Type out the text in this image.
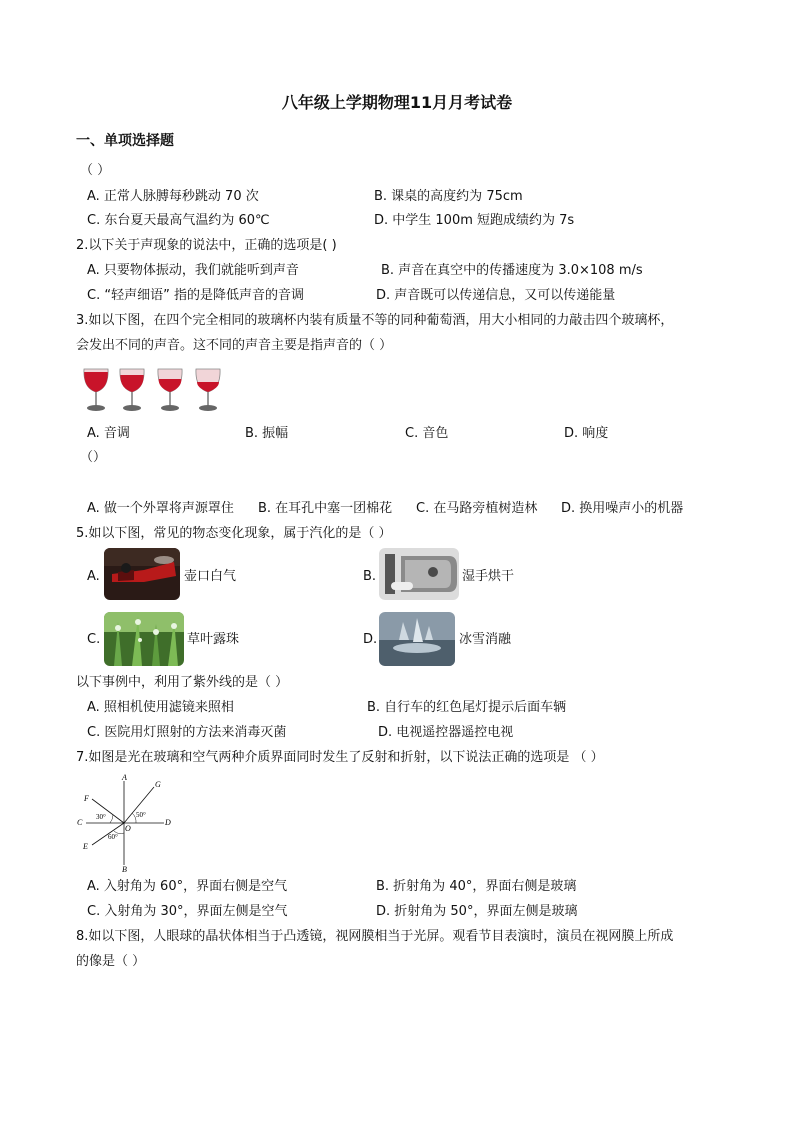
八年级上学期物理11月月考试卷
一、单项选择题
（ ）
A. 正常人脉膊每秒跳动 70 次	B. 课桌的高度约为 75cm
C. 东台夏天最高气温约为 60℃	D. 中学生 100m 短跑成绩约为 7s
2.以下关于声现象的说法中，正确的选项是( )
A. 只要物体振动，我们就能听到声音	B. 声音在真空中的传播速度为 3.0×108 m/s
C. “轻声细语” 指的是降低声音的音调	D. 声音既可以传递信息，又可以传递能量
3.如以下图，在四个完全相同的玻璃杯内装有质量不等的同种葡萄酒，用大小相同的力敲击四个玻璃杯，
会发出不同的声音。这不同的声音主要是指声音的（ ）
A. 音调	B. 振幅	C. 音色	D. 响度
（）
A. 做一个外罩将声源罩住 B. 在耳孔中塞一团棉花 C. 在马路旁植树造林 D. 换用噪声小的机器
5.如以下图，常见的物态变化现象，属于汽化的是（ ）
A.	壶口白气	B.	湿手烘干
C.	草叶露珠	D.	冰雪消融
以下事例中，利用了紫外线的是（ ）
A. 照相机使用滤镜来照相	B. 自行车的红色尾灯提示后面车辆
C. 医院用灯照射的方法来消毒灭菌	D. 电视遥控器遥控电视
7.如图是光在玻璃和空气两种介质界面同时发生了反射和折射，以下说法正确的选项是 （ ）
A
B
C	D
E
F
G
O
30°	50°
60°
A. 入射角为 60°，界面右侧是空气	B. 折射角为 40°，界面右侧是玻璃
C. 入射角为 30°，界面左侧是空气	D. 折射角为 50°，界面左侧是玻璃
8.如以下图，人眼球的晶状体相当于凸透镜，视网膜相当于光屏。观看节目表演时，演员在视网膜上所成
的像是（ ）
